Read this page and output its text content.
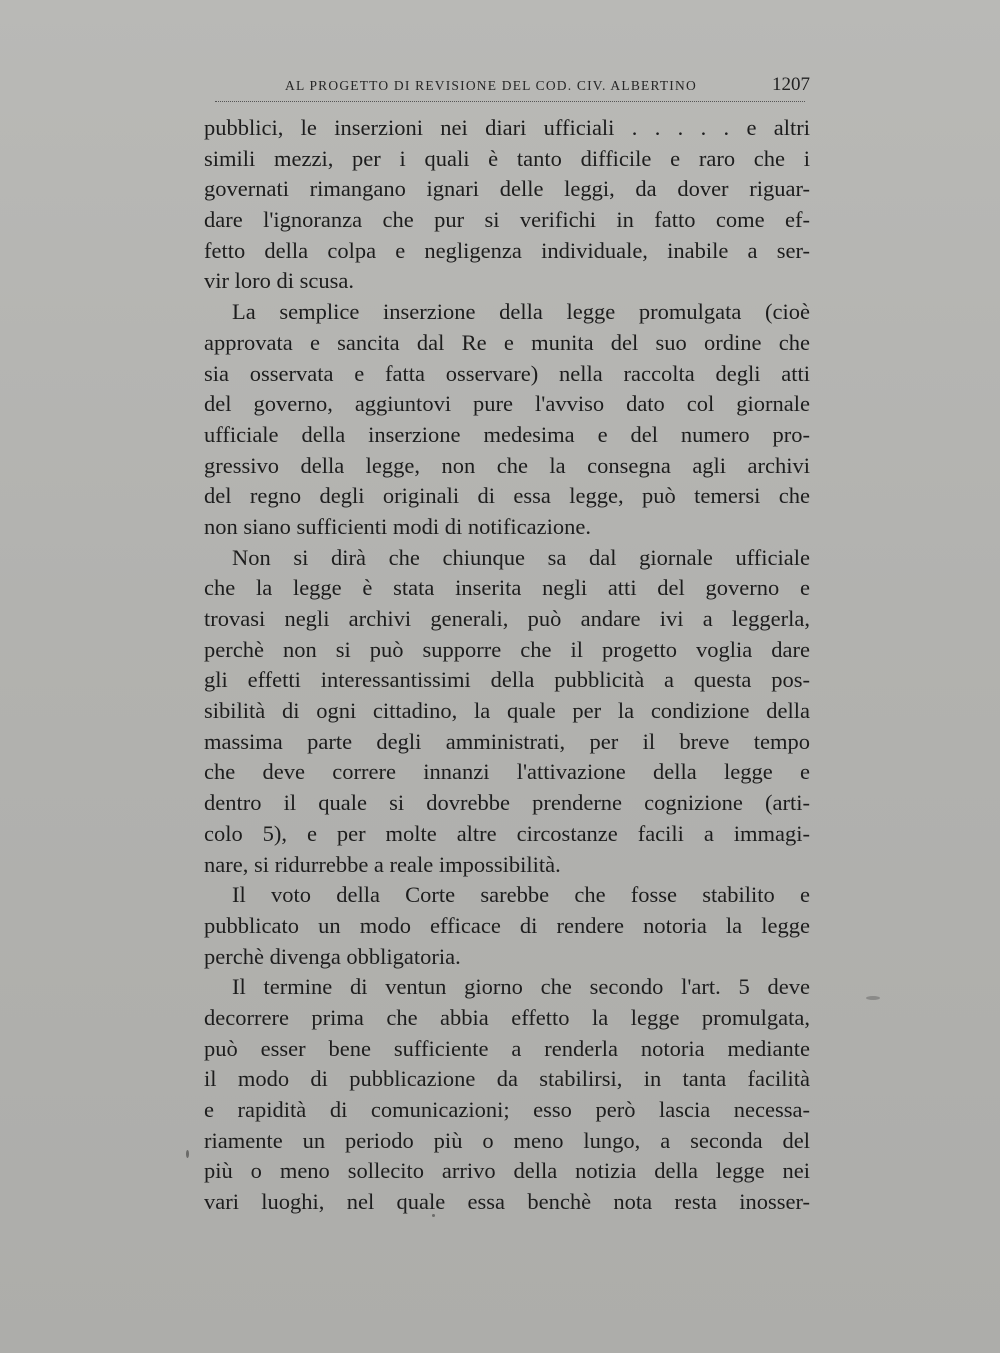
AL PROGETTO DI REVISIONE DEL COD. CIV. ALBERTINO	1207
pubblici, le inserzioni nei diari ufficiali . . . . . e altri
simili mezzi, per i quali è tanto difficile e raro che i
governati rimangano ignari delle leggi, da dover riguar-
dare l'ignoranza che pur si verifichi in fatto come ef-
fetto della colpa e negligenza individuale, inabile a ser-
vir loro di scusa.
La semplice inserzione della legge promulgata (cioè
approvata e sancita dal Re e munita del suo ordine che
sia osservata e fatta osservare) nella raccolta degli atti
del governo, aggiuntovi pure l'avviso dato col giornale
ufficiale della inserzione medesima e del numero pro-
gressivo della legge, non che la consegna agli archivi
del regno degli originali di essa legge, può temersi che
non siano sufficienti modi di notificazione.
Non si dirà che chiunque sa dal giornale ufficiale
che la legge è stata inserita negli atti del governo e
trovasi negli archivi generali, può andare ivi a leggerla,
perchè non si può supporre che il progetto voglia dare
gli effetti interessantissimi della pubblicità a questa pos-
sibilità di ogni cittadino, la quale per la condizione della
massima parte degli amministrati, per il breve tempo
che deve correre innanzi l'attivazione della legge e
dentro il quale si dovrebbe prenderne cognizione (arti-
colo 5), e per molte altre circostanze facili a immagi-
nare, si ridurrebbe a reale impossibilità.
Il voto della Corte sarebbe che fosse stabilito e
pubblicato un modo efficace di rendere notoria la legge
perchè divenga obbligatoria.
Il termine di ventun giorno che secondo l'art. 5 deve
decorrere prima che abbia effetto la legge promulgata,
può esser bene sufficiente a renderla notoria mediante
il modo di pubblicazione da stabilirsi, in tanta facilità
e rapidità di comunicazioni; esso però lascia necessa-
riamente un periodo più o meno lungo, a seconda del
più o meno sollecito arrivo della notizia della legge nei
vari luoghi, nel quale essa benchè nota resta inosser-
